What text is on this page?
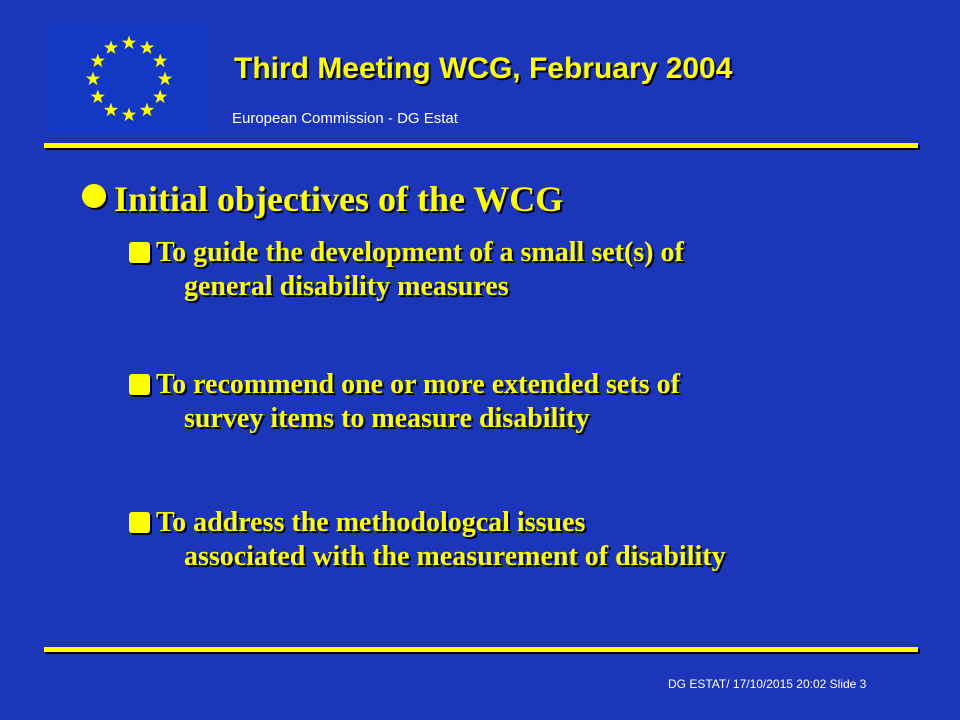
Third Meeting WCG, February 2004
European Commission - DG Estat
Initial objectives of the WCG
To guide the development of a small set(s) of
general disability measures
To recommend one or more extended sets of
survey items to measure disability
To address the methodologcal issues
associated with the measurement of disability
DG ESTAT/ 17/10/2015 20:02 Slide 3
